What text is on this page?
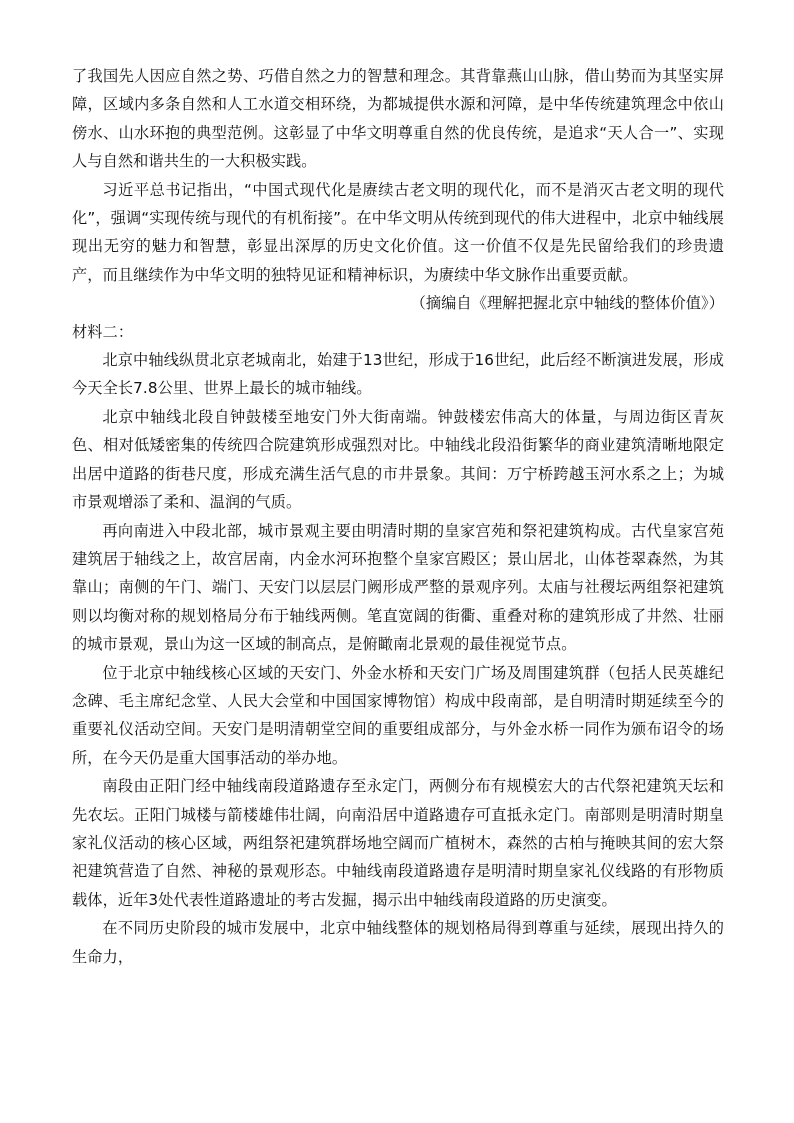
了我国先人因应自然之势、巧借自然之力的智慧和理念。其背靠燕山山脉，借山势而为其坚实屏障，区域内多条自然和人工水道交相环绕，为都城提供水源和河障，是中华传统建筑理念中依山傍水、山水环抱的典型范例。这彰显了中华文明尊重自然的优良传统，是追求“天人合一”、实现人与自然和谐共生的一大积极实践。

习近平总书记指出，“中国式现代化是赓续古老文明的现代化，而不是消灭古老文明的现代化”，强调“实现传统与现代的有机衔接”。在中华文明从传统到现代的伟大进程中，北京中轴线展现出无穷的魅力和智慧，彰显出深厚的历史文化价值。这一价值不仅是先民留给我们的珍贵遗产，而且继续作为中华文明的独特见证和精神标识，为赓续中华文脉作出重要贡献。

（摘编自《理解把握北京中轴线的整体价值》）

材料二：

北京中轴线纵贯北京老城南北，始建于13世纪，形成于16世纪，此后经不断演进发展，形成今天全长7.8公里、世界上最长的城市轴线。

北京中轴线北段自钟鼓楼至地安门外大街南端。钟鼓楼宏伟高大的体量，与周边街区青灰色、相对低矮密集的传统四合院建筑形成强烈对比。中轴线北段沿街繁华的商业建筑清晰地限定出居中道路的街巷尺度，形成充满生活气息的市井景象。其间：万宁桥跨越玉河水系之上；为城市景观增添了柔和、温润的气质。

再向南进入中段北部，城市景观主要由明清时期的皇家宫苑和祭祀建筑构成。古代皇家宫苑建筑居于轴线之上，故宫居南，内金水河环抱整个皇家宫殿区；景山居北，山体苍翠森然，为其靠山；南侧的午门、端门、天安门以层层门阙形成严整的景观序列。太庙与社稷坛两组祭祀建筑则以均衡对称的规划格局分布于轴线两侧。笔直宽阔的街衢、重叠对称的建筑形成了井然、壮丽的城市景观，景山为这一区域的制高点，是俯瞰南北景观的最佳视觉节点。

位于北京中轴线核心区域的天安门、外金水桥和天安门广场及周围建筑群（包括人民英雄纪念碑、毛主席纪念堂、人民大会堂和中国国家博物馆）构成中段南部，是自明清时期延续至今的重要礼仪活动空间。天安门是明清朝堂空间的重要组成部分，与外金水桥一同作为颁布诏令的场所，在今天仍是重大国事活动的举办地。

南段由正阳门经中轴线南段道路遗存至永定门，两侧分布有规模宏大的古代祭祀建筑天坛和先农坛。正阳门城楼与箭楼雄伟壮阔，向南沿居中道路遗存可直抵永定门。南部则是明清时期皇家礼仪活动的核心区域，两组祭祀建筑群场地空阔而广植树木，森然的古柏与掩映其间的宏大祭祀建筑营造了自然、神秘的景观形态。中轴线南段道路遗存是明清时期皇家礼仪线路的有形物质载体，近年3处代表性道路遗址的考古发掘，揭示出中轴线南段道路的历史演变。

在不同历史阶段的城市发展中，北京中轴线整体的规划格局得到尊重与延续，展现出持久的生命力，
